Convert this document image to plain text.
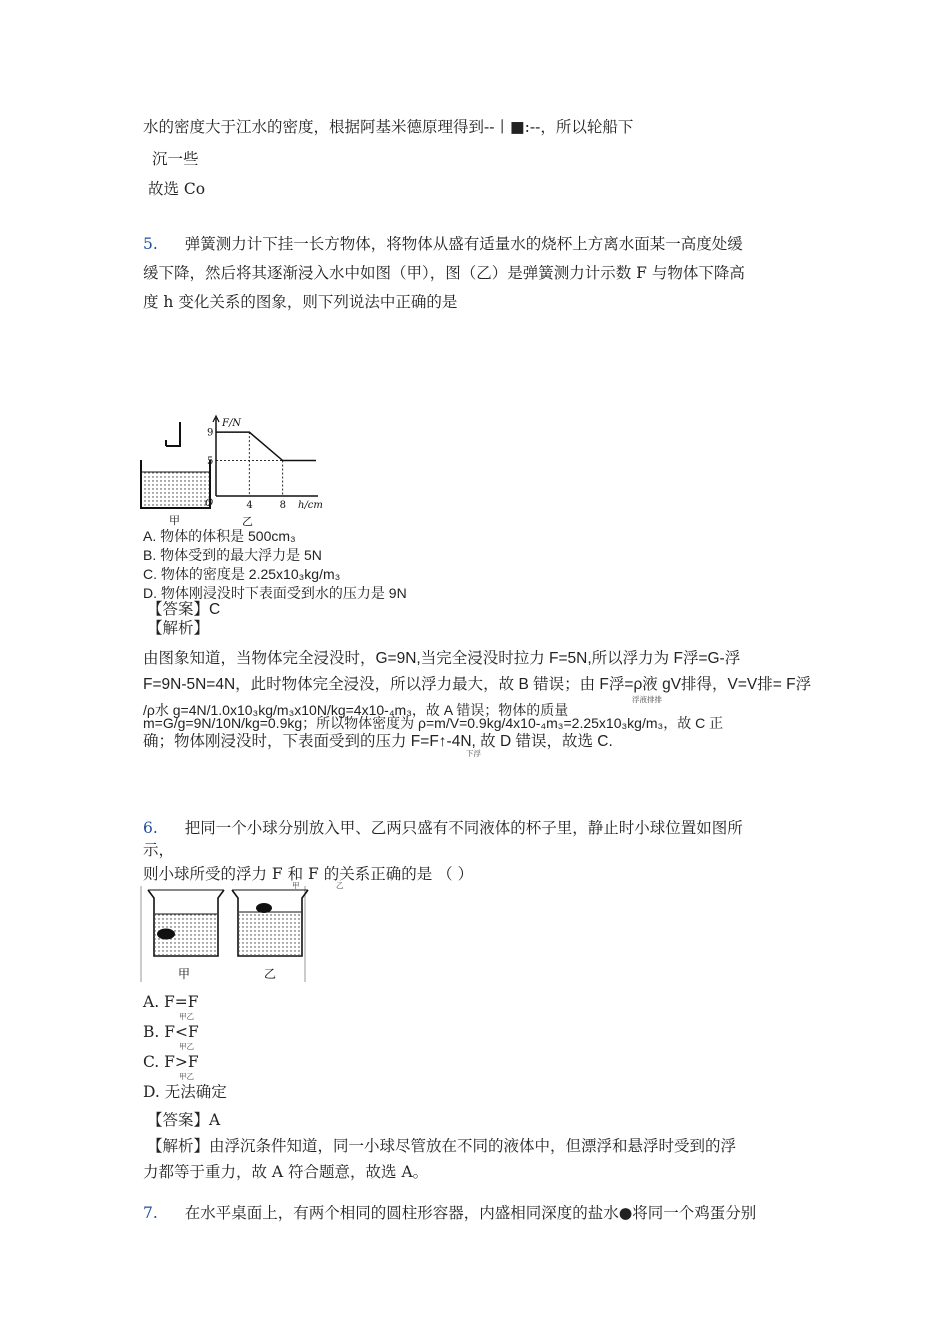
水的密度大于江水的密度，根据阿基米德原理得到--丨■:--，所以轮船下
沉一些
故选 Co
5. 弹簧测力计下挂一长方物体，将物体从盛有适量水的烧杯上方离水面某一高度处缓
缓下降，然后将其逐渐浸入水中如图（甲），图（乙）是弹簧测力计示数 F 与物体下降高
度 h 变化关系的图象，则下列说法中正确的是
甲
F/N
h/cm
O
5
9
4	8
乙
A. 物体的体积是 500cm₃
B. 物体受到的最大浮力是 5N
C. 物体的密度是 2.25x10₃kg/m₃
D. 物体刚浸没时下表面受到水的压力是 9N
【答案】C
【解析】
由图象知道，当物体完全浸没时，G=9N,当完全浸没时拉力 F=5N,所以浮力为 F浮=G-浮
F=9N-5N=4N，此时物体完全浸没，所以浮力最大，故 B 错误；由 F浮=ρ液 gV排得，V=V排= F浮
浮液排排
/ρ水 g=4N/1.0x10₃kg/m₃x10N/kg=4x10-₄m₃，故 A 错误；物体的质量
m=G/g=9N/10N/kg=0.9kg；所以物体密度为 ρ=m/V=0.9kg/4x10-₄m₃=2.25x10₃kg/m₃，故 C 正
确；物体刚浸没时，下表面受到的压力 F=F↑-4N, 故 D 错误，故选 C.
下浮
6. 把同一个小球分别放入甲、乙两只盛有不同液体的杯子里，静止时小球位置如图所
示，
则小球所受的浮力 F 和 F 的关系正确的是 （ ）
甲	乙
甲	乙
A. F=F
甲乙
B. F<F
甲乙
C. F>F
甲乙
D. 无法确定
【答案】A
【解析】由浮沉条件知道，同一小球尽管放在不同的液体中，但漂浮和悬浮时受到的浮
力都等于重力，故 A 符合题意，故选 A。
7. 在水平桌面上，有两个相同的圆柱形容器，内盛相同深度的盐水●将同一个鸡蛋分别
